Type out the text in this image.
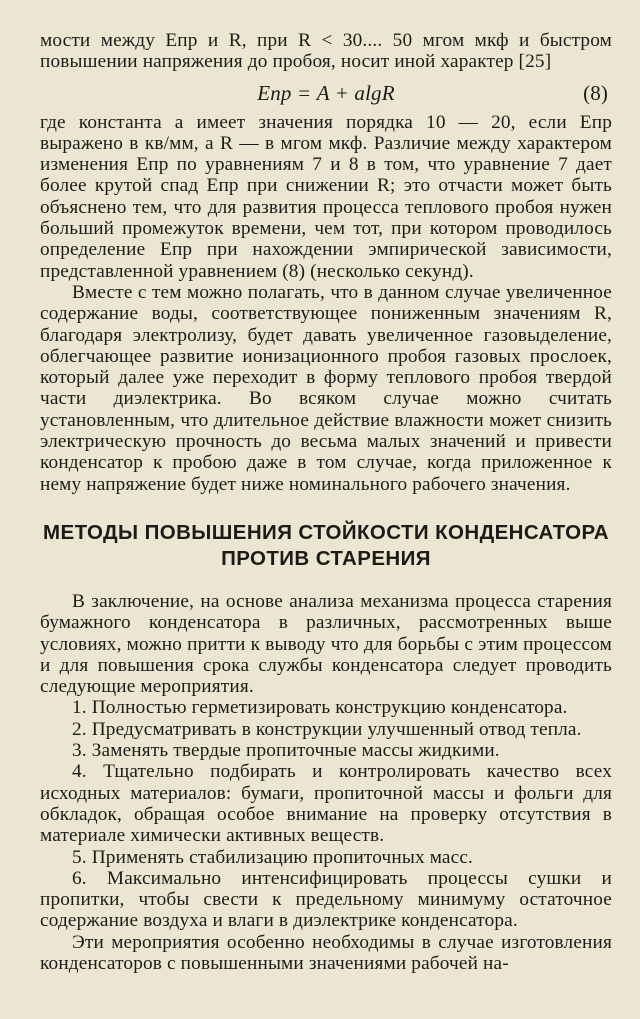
мости между Eпр и R, при R < 30.... 50 мгом мкф и быстром повышении напряжения до пробоя, носит иной характер [25]

Eпр = A + algR	(8)

где константа a имеет значения порядка 10 — 20, если Eпр выражено в кв/мм, а R — в мгом мкф. Различие между характером изменения Eпр по уравнениям 7 и 8 в том, что уравнение 7 дает более крутой спад Eпр при снижении R; это отчасти может быть объяснено тем, что для развития процесса теплового пробоя нужен больший промежуток времени, чем тот, при котором проводилось определение Eпр при нахождении эмпирической зависимости, представленной уравнением (8) (несколько секунд).

Вместе с тем можно полагать, что в данном случае увеличенное содержание воды, соответствующее пониженным значениям R, благодаря электролизу, будет давать увеличенное газовыделение, облегчающее развитие ионизационного пробоя газовых прослоек, который далее уже переходит в форму теплового пробоя твердой части диэлектрика. Во всяком случае можно считать установленным, что длительное действие влажности может снизить электрическую прочность до весьма малых значений и привести конденсатор к пробою даже в том случае, когда приложенное к нему напряжение будет ниже номинального рабочего значения.

МЕТОДЫ ПОВЫШЕНИЯ СТОЙКОСТИ КОНДЕНСАТОРА
ПРОТИВ СТАРЕНИЯ

В заключение, на основе анализа механизма процесса старения бумажного конденсатора в различных, рассмотренных выше условиях, можно притти к выводу что для борьбы с этим процессом и для повышения срока службы конденсатора следует проводить следующие мероприятия.

1. Полностью герметизировать конструкцию конденсатора.

2. Предусматривать в конструкции улучшенный отвод тепла.

3. Заменять твердые пропиточные массы жидкими.

4. Тщательно подбирать и контролировать качество всех исходных материалов: бумаги, пропиточной массы и фольги для обкладок, обращая особое внимание на проверку отсутствия в материале химически активных веществ.

5. Применять стабилизацию пропиточных масс.

6. Максимально интенсифицировать процессы сушки и пропитки, чтобы свести к предельному минимуму остаточное содержание воздуха и влаги в диэлектрике конденсатора.

Эти мероприятия особенно необходимы в случае изготовления конденсаторов с повышенными значениями рабочей на-
